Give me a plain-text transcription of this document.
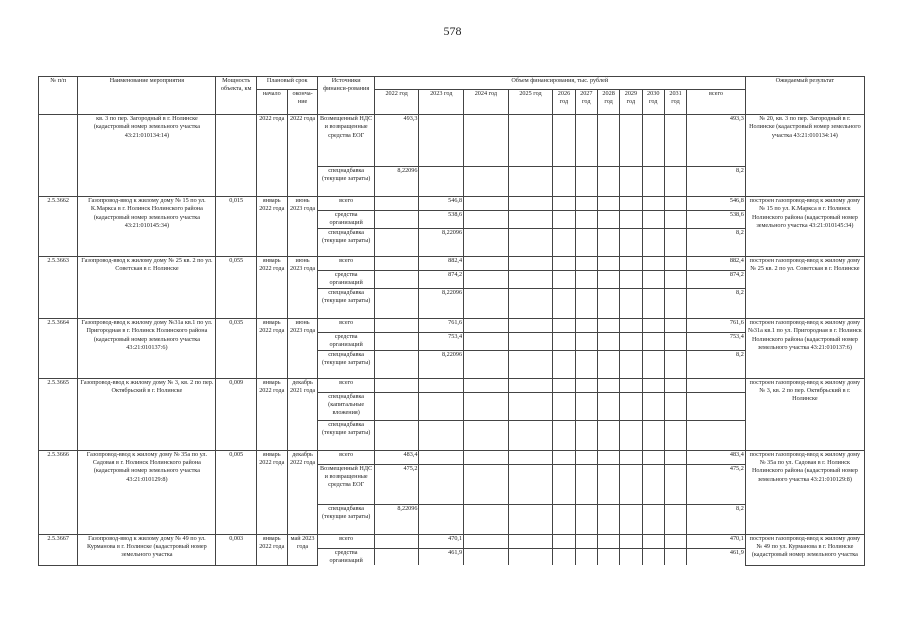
578
№ п/п	Наименование мероприятия	Мощность объекта, км	Плановый срок		Источники финанси-рования	Объем финансирования, тыс. рублей											Ожидаемый результат
			начало	оконча-ние		2022 год	2023 год	2024 год	2025 год	2026 год	2027 год	2028 год	2029 год	2030 год	2031 год	всего	
	кв. 3 по пер. Загородный в г. Нолинске (кадастровый номер земельного участка 43:21:010134:14)		2022 года	2022 года	Возмещенный НДС и возвращенные средства ЕОГ	493,3										493,3	№ 20, кв. 3 по пер. Загородный в г. Нолинске (кадастровый номер земельного участка 43:21:010134:14)
					спецнадбавка (текущие затраты)	8,22096										8,2	
2.5.3662	Газопровод-ввод к жилому дому № 15 по ул. К.Маркса в г. Нолинск Нолинского района (кадастровый номер земельного участка 43:21:010145:34)	0,015	январь 2022 года	июнь 2023 года	всего		546,8									546,8	построен газопровод-ввод к жилому дому № 15 по ул. К.Маркса в г. Нолинск Нолинского района (кадастровый номер земельного участка 43:21:010145:34)
					средства организаций		538,6									538,6	
					спецнадбавка (текущие затраты)		8,22096									8,2	
2.5.3663	Газопровод-ввод к жилому дому № 25 кв. 2 по ул. Советская в г. Нолинске	0,055	январь 2022 года	июнь 2023 года	всего		882,4									882,4	построен газопровод-ввод к жилому дому № 25 кв. 2 по ул. Советская в г. Нолинске
					средства организаций		874,2									874,2	
					спецнадбавка (текущие затраты)		8,22096									8,2	
2.5.3664	Газопровод-ввод к жилому дому №31а кв.1 по ул. Пригородная в г. Нолинск Нолинского района (кадастровый номер земельного участка 43:21:010137:6)	0,035	январь 2022 года	июнь 2023 года	всего		761,6									761,6	построен газопровод-ввод к жилому дому №31а кв.1 по ул. Пригородная в г. Нолинск Нолинского района (кадастровый номер земельного участка 43:21:010137:6)
					средства организаций		753,4									753,4	
					спецнадбавка (текущие затраты)		8,22096									8,2	
2.5.3665	Газопровод-ввод к жилому дому № 3, кв. 2 по пер. Октябрьский в г. Нолинске	0,009	январь 2022 года	декабрь 2021 года	всего												построен газопровод-ввод к жилому дому № 3, кв. 2 по пер. Октябрьский в г. Нолинске
					спецнадбавка (капитальные вложения)												
					спецнадбавка (текущие затраты)												
2.5.3666	Газопровод-ввод к жилому дому № 35а по ул. Садовая в г. Нолинск Нолинского района (кадастровый номер земельного участка 43:21:010129:8)	0,005	январь 2022 года	декабрь 2022 года	всего	483,4										483,4	построен газопровод-ввод к жилому дому № 35а по ул. Садовая в г. Нолинск Нолинского района (кадастровый номер земельного участка 43:21:010129:8)
					Возмещенный НДС и возвращенные средства ЕОГ	475,2										475,2	
					спецнадбавка (текущие затраты)	8,22096										8,2	
2.5.3667	Газопровод-ввод к жилому дому № 49 по ул. Курманова в г. Нолинске (кадастровый номер земельного участка	0,003	январь 2022 года	май 2023 года	всего		470,1									470,1	построен газопровод-ввод к жилому дому № 49 по ул. Курманова в г. Нолинске (кадастровый номер земельного участка
					средства организаций		461,9									461,9	
